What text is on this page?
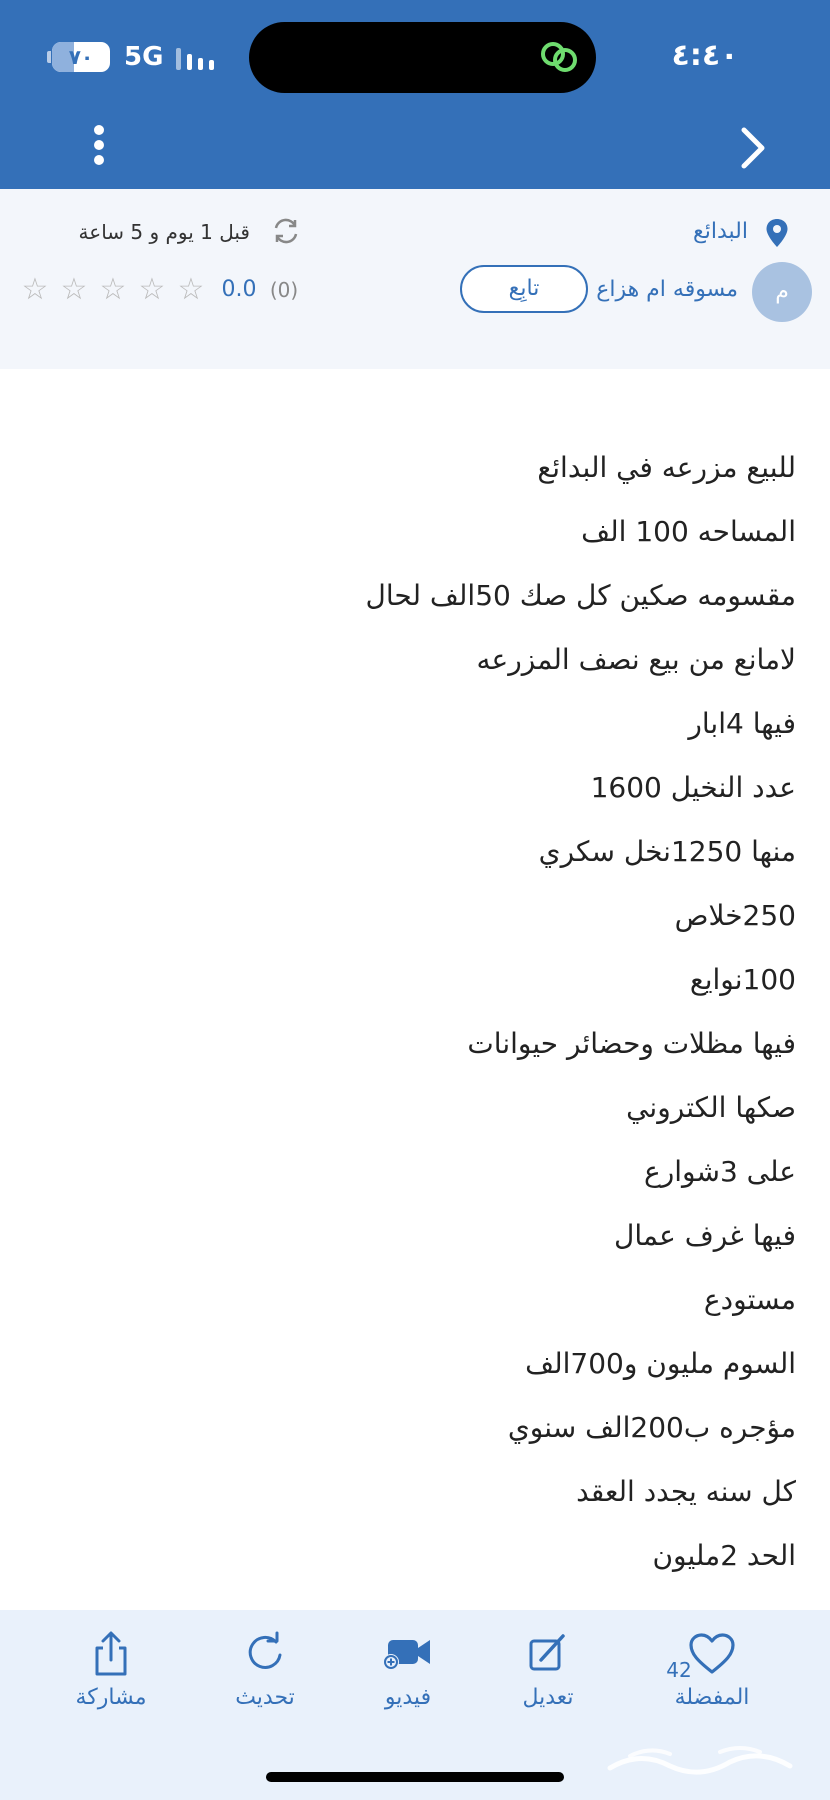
٧٠	5G	٤:٤٠
البدائع
قبل 1 يوم و 5 ساعة
م
مسوقه ام هزاع
تابِع
(0)
0.0
☆ ☆ ☆ ☆ ☆
للبيع مزرعه في البدائع
المساحه 100 الف
مقسومه صكين كل صك 50الف لحال
لامانع من بيع نصف المزرعه
فيها 4ابار
عدد النخيل 1600
منها 1250نخل سكري
250خلاص
100نوايع
فيها مظلات وحضائر حيوانات
صكها الكتروني
على 3شوارع
فيها غرف عمال
مستودع
السوم مليون و700الف
مؤجره ب200الف سنوي
كل سنه يجدد العقد
الحد 2مليون
المفضلة
42
تعديل
فيديو
تحديث
مشاركة
